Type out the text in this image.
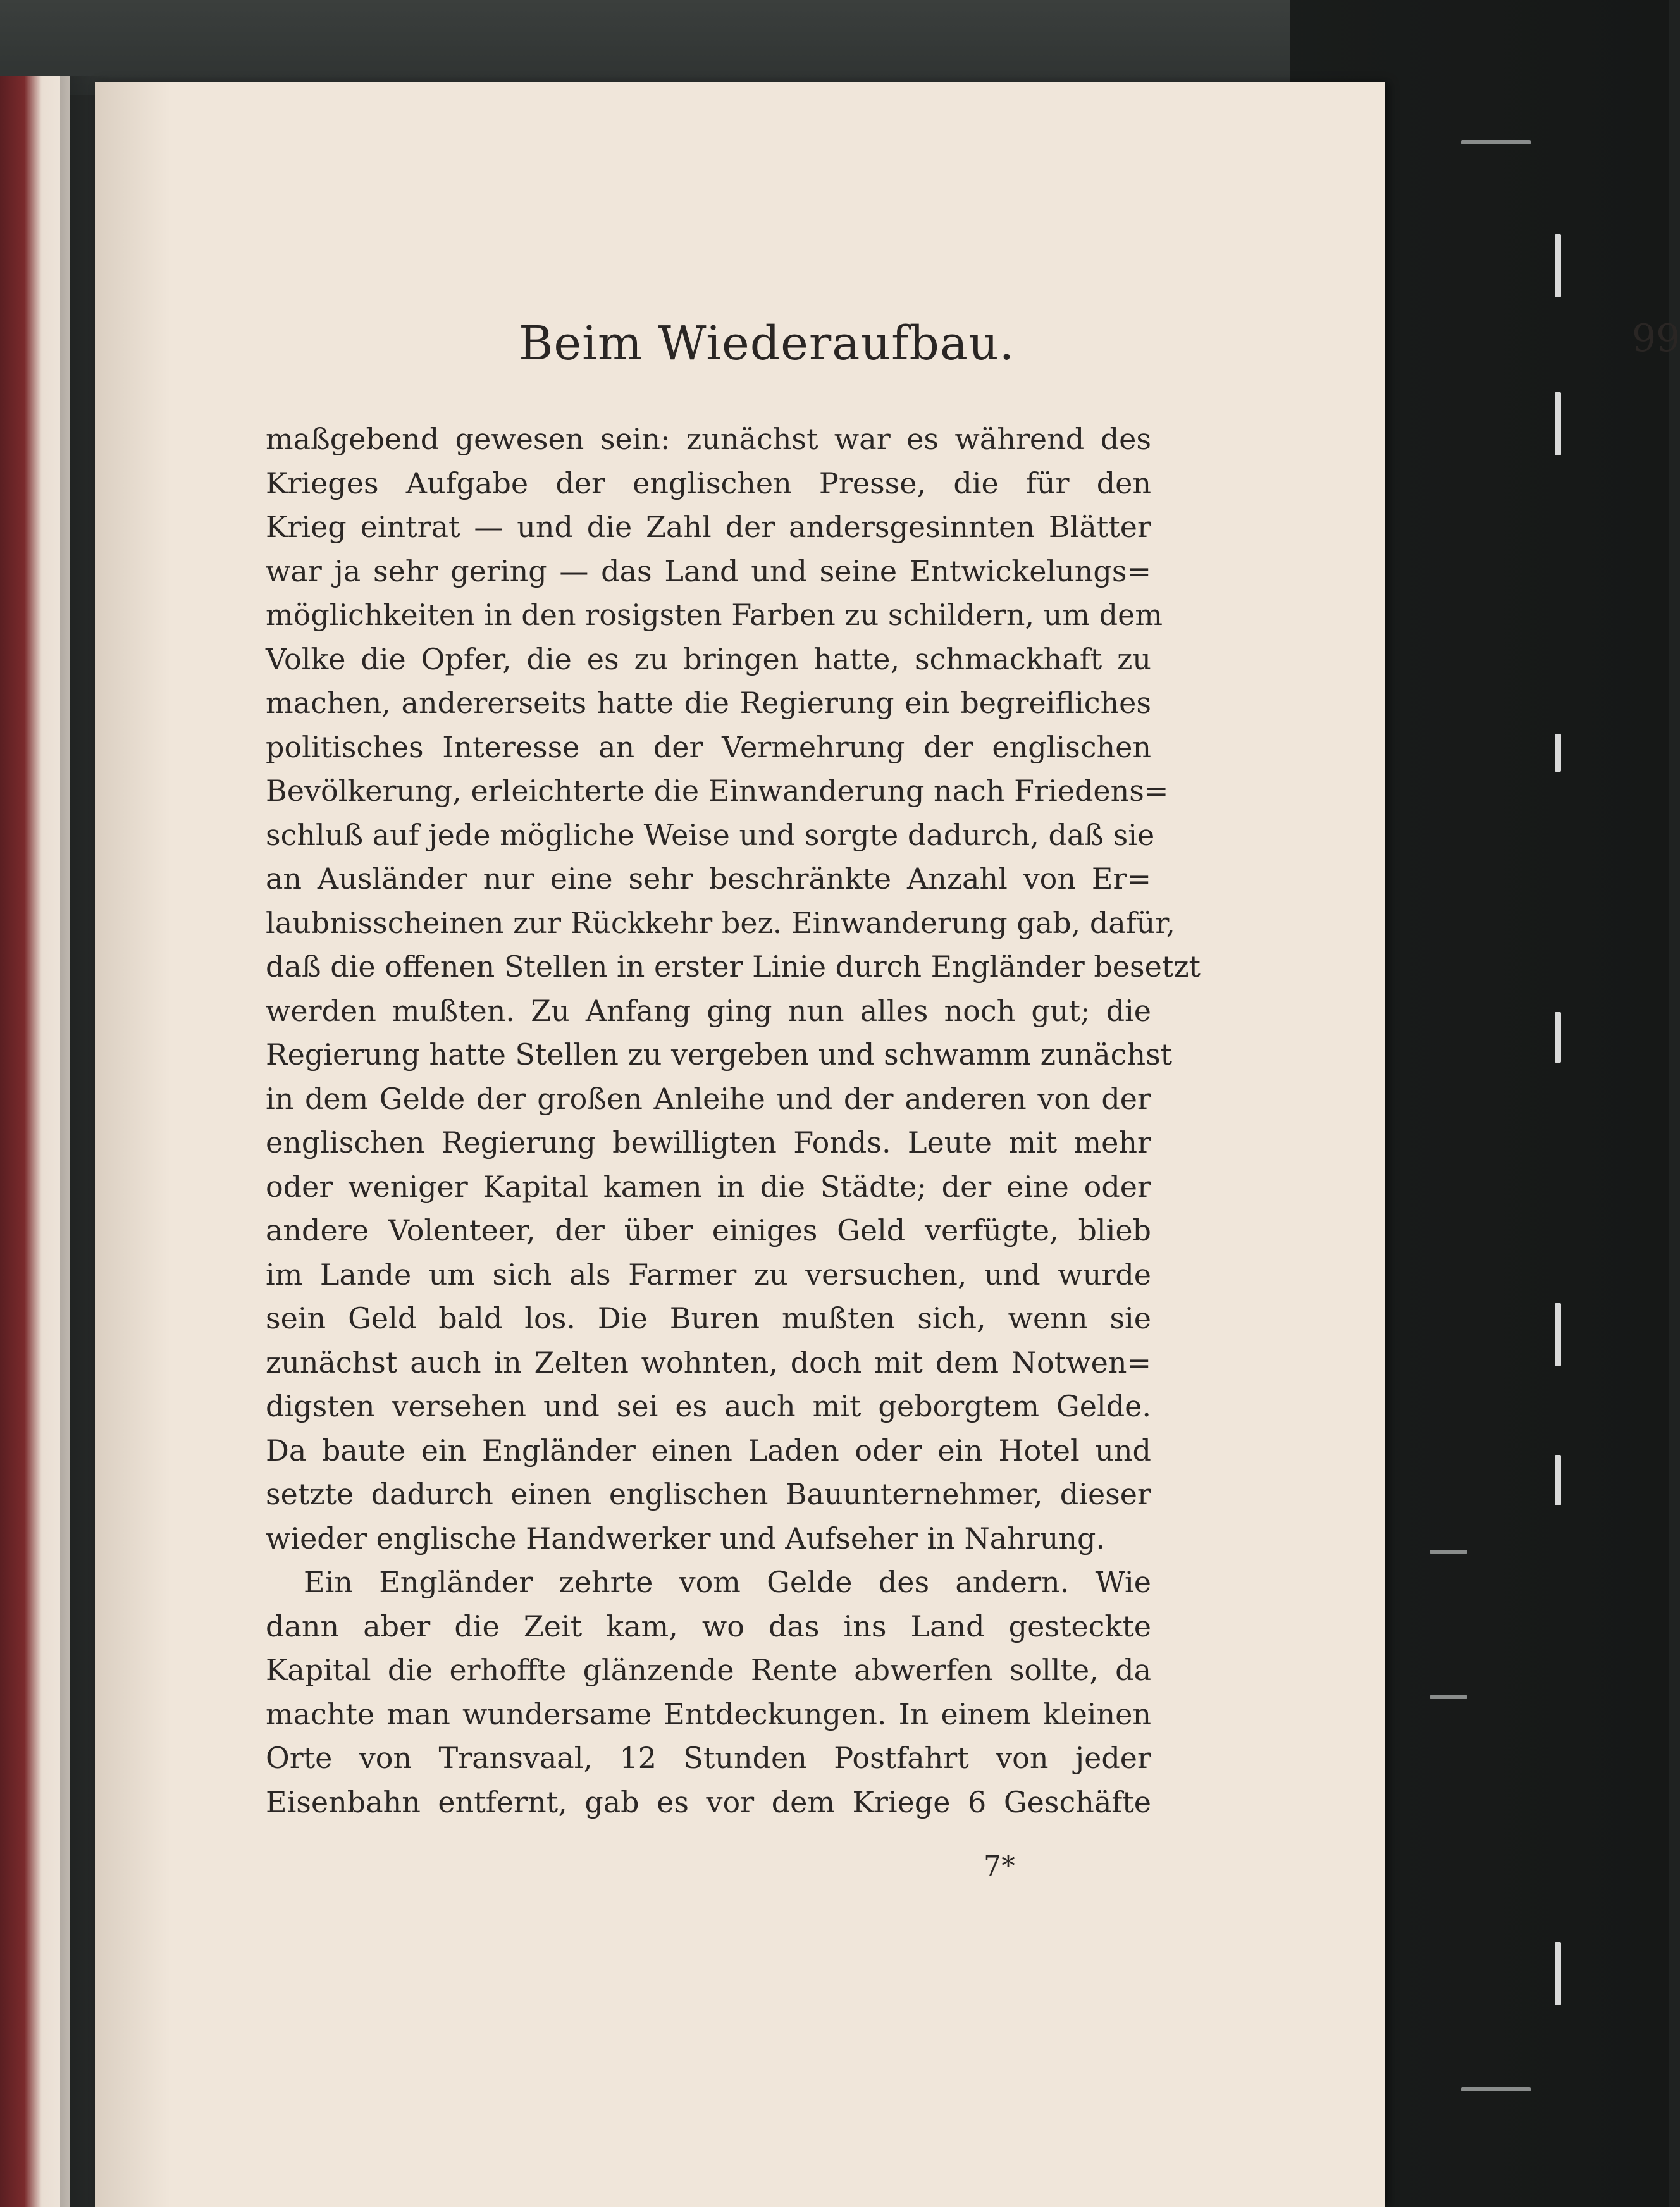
Beim Wiederaufbau.	99
maßgebend gewesen sein: zunächst war es während des
Krieges Aufgabe der englischen Presse, die für den
Krieg eintrat — und die Zahl der andersgesinnten Blätter
war ja sehr gering — das Land und seine Entwickelungs=
möglichkeiten in den rosigsten Farben zu schildern, um dem
Volke die Opfer, die es zu bringen hatte, schmackhaft zu
machen, andererseits hatte die Regierung ein begreifliches
politisches Interesse an der Vermehrung der englischen
Bevölkerung, erleichterte die Einwanderung nach Friedens=
schluß auf jede mögliche Weise und sorgte dadurch, daß sie
an Ausländer nur eine sehr beschränkte Anzahl von Er=
laubnisscheinen zur Rückkehr bez. Einwanderung gab, dafür,
daß die offenen Stellen in erster Linie durch Engländer besetzt
werden mußten. Zu Anfang ging nun alles noch gut; die
Regierung hatte Stellen zu vergeben und schwamm zunächst
in dem Gelde der großen Anleihe und der anderen von der
englischen Regierung bewilligten Fonds. Leute mit mehr
oder weniger Kapital kamen in die Städte; der eine oder
andere Volenteer, der über einiges Geld verfügte, blieb
im Lande um sich als Farmer zu versuchen, und wurde
sein Geld bald los. Die Buren mußten sich, wenn sie
zunächst auch in Zelten wohnten, doch mit dem Notwen=
digsten versehen und sei es auch mit geborgtem Gelde.
Da baute ein Engländer einen Laden oder ein Hotel und
setzte dadurch einen englischen Bauunternehmer, dieser
wieder englische Handwerker und Aufseher in Nahrung.
Ein Engländer zehrte vom Gelde des andern. Wie
dann aber die Zeit kam, wo das ins Land gesteckte
Kapital die erhoffte glänzende Rente abwerfen sollte, da
machte man wundersame Entdeckungen. In einem kleinen
Orte von Transvaal, 12 Stunden Postfahrt von jeder
Eisenbahn entfernt, gab es vor dem Kriege 6 Geschäfte
7*
